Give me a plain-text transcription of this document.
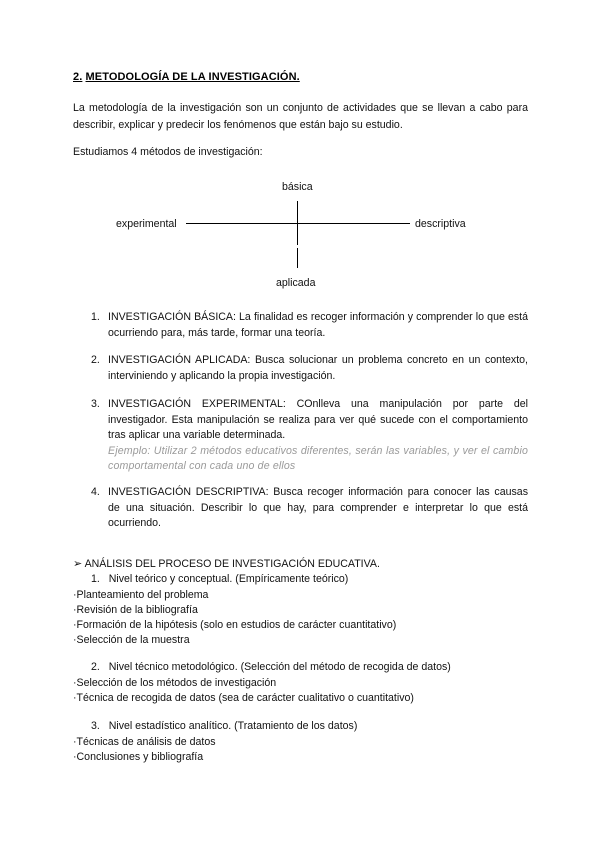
2. METODOLOGÍA DE LA INVESTIGACIÓN.
La metodología de la investigación son un conjunto de actividades que se llevan a cabo para describir, explicar y predecir los fenómenos que están bajo su estudio.
Estudiamos 4 métodos de investigación:
básica
experimental	descriptiva
aplicada
1. INVESTIGACIÓN BÁSICA: La finalidad es recoger información y comprender lo que está ocurriendo para, más tarde, formar una teoría.
2. INVESTIGACIÓN APLICADA: Busca solucionar un problema concreto en un contexto, interviniendo y aplicando la propia investigación.
3. INVESTIGACIÓN EXPERIMENTAL: COnlleva una manipulación por parte del investigador. Esta manipulación se realiza para ver qué sucede con el comportamiento tras aplicar una variable determinada.
Ejemplo: Utilizar 2 métodos educativos diferentes, serán las variables, y ver el cambio comportamental con cada uno de ellos
4. INVESTIGACIÓN DESCRIPTIVA: Busca recoger información para conocer las causas de una situación. Describir lo que hay, para comprender e interpretar lo que está ocurriendo.
➢ ANÁLISIS DEL PROCESO DE INVESTIGACIÓN EDUCATIVA.
1. Nivel teórico y conceptual. (Empíricamente teórico)
·Planteamiento del problema
·Revisión de la bibliografía
·Formación de la hipótesis (solo en estudios de carácter cuantitativo)
·Selección de la muestra
2. Nivel técnico metodológico. (Selección del método de recogida de datos)
·Selección de los métodos de investigación
·Técnica de recogida de datos (sea de carácter cualitativo o cuantitativo)
3. Nivel estadístico analítico. (Tratamiento de los datos)
·Técnicas de análisis de datos
·Conclusiones y bibliografía
